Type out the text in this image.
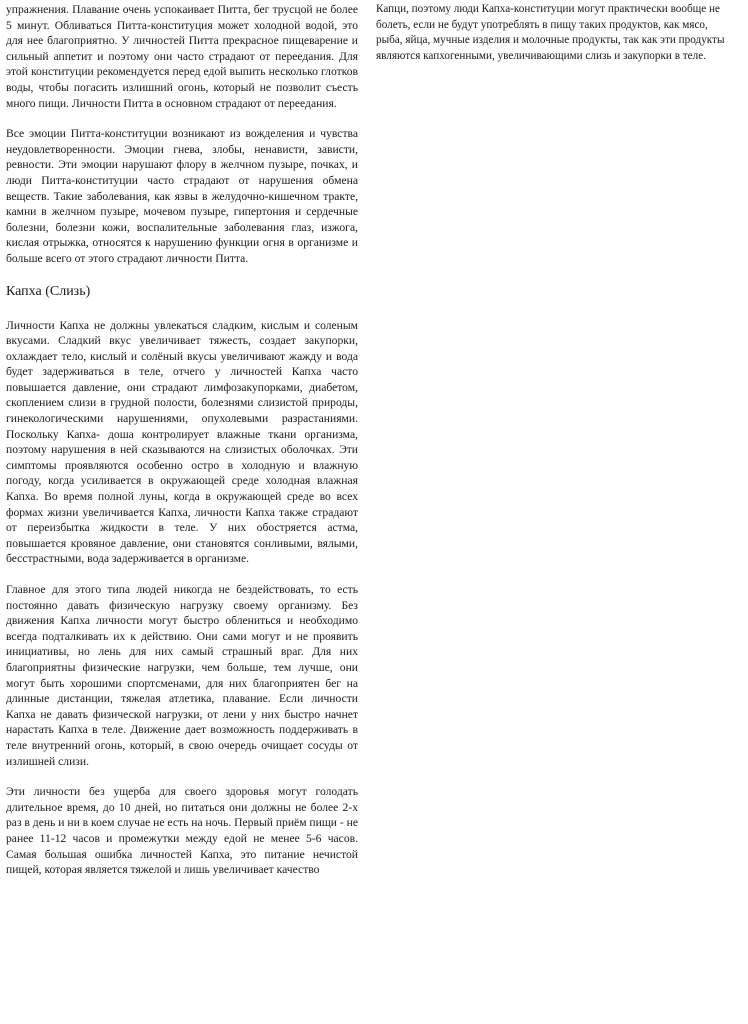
упражнения. Плавание очень успокаивает Питта, бег трусцой не более 5 минут. Обливаться Питта-конституция может холодной водой, это для нее благоприятно. У личностей Питта прекрасное пищеварение и сильный аппетит и поэтому они часто страдают от переедания. Для этой конституции рекомендуется перед едой выпить несколько глотков воды, чтобы погасить излишний огонь, который не позволит съесть много пищи. Личности Питта в основном страдают от переедания.

Все эмоции Питта-конституции возникают из вожделения и чувства неудовлетворенности. Эмоции гнева, злобы, ненависти, зависти, ревности. Эти эмоции нарушают флору в желчном пузыре, почках, и люди Питта-конституции часто страдают от нарушения обмена веществ. Такие заболевания, как язвы в желудочно-кишечном тракте, камни в желчном пузыре, мочевом пузыре, гипертония и сердечные болезни, болезни кожи, воспалительные заболевания глаз, изжога, кислая отрыжка, относятся к нарушению функции огня в организме и больше всего от этого страдают личности Питта.

Капха (Слизь)

Личности Капха не должны увлекаться сладким, кислым и соленым вкусами. Сладкий вкус увеличивает тяжесть, создает закупорки, охлаждает тело, кислый и солёный вкусы увеличивают жажду и вода будет задерживаться в теле, отчего у личностей Капха часто повышается давление, они страдают лимфозакупорками, диабетом, скоплением слизи в грудной полости, болезнями слизистой природы, гинекологическими нарушениями, опухолевыми разрастаниями. Поскольку Капха- доша контролирует влажные ткани организма, поэтому нарушения в ней сказываются на слизистых оболочках. Эти симптомы проявляются особенно остро в холодную и влажную погоду, когда усиливается в окружающей среде холодная влажная Капха. Во время полной луны, когда в окружающей среде во всех формах жизни увеличивается Капха, личности Капха также страдают от переизбытка жидкости в теле. У них обостряется астма, повышается кровяное давление, они становятся сонливыми, вялыми, бесстрастными, вода задерживается в организме.

Главное для этого типа людей никогда не бездействовать, то есть постоянно давать физическую нагрузку своему организму. Без движения Капха личности могут быстро облениться и необходимо всегда подталкивать их к действию. Они сами могут и не проявить инициативы, но лень для них самый страшный враг. Для них благоприятны физические нагрузки, чем больше, тем лучше, они могут быть хорошими спортсменами, для них благоприятен бег на длинные дистанции, тяжелая атлетика, плавание. Если личности Капха не давать физической нагрузки, от лени у них быстро начнет нарастать Капха в теле. Движение дает возможность поддерживать в теле внутренний огонь, который, в свою очередь очищает сосуды от излишней слизи.

Эти личности без ущерба для своего здоровья могут голодать длительное время, до 10 дней, но питаться они должны не более 2-х раз в день и ни в коем случае не есть на ночь. Первый приём пищи - не ранее 11-12 часов и промежутки между едой не менее 5-6 часов. Самая большая ошибка личностей Капха, это питание нечистой пищей, которая является тяжелой и лишь увеличивает качество

Капци, поэтому люди Капха-конституции могут практически вообще не болеть, если не будут употреблять в пищу таких продуктов, как мясо, рыба, яйца, мучные изделия и молочные продукты, так как эти продукты являются капхогенными, увеличивающими слизь и закупорки в теле.
